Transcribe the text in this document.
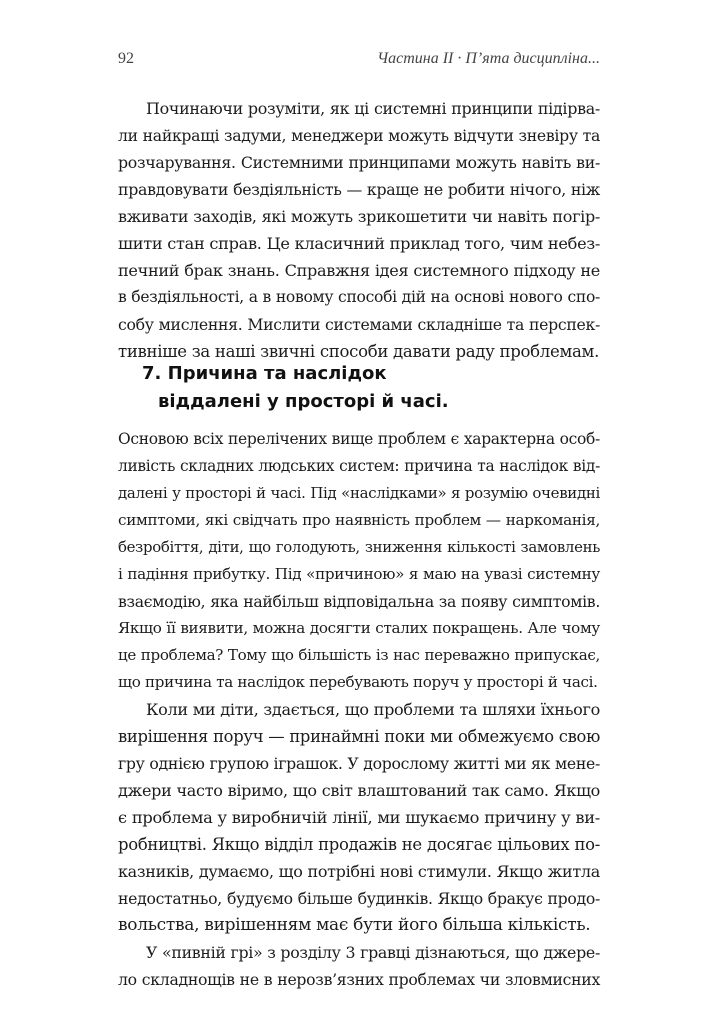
92	Частина II · П’ята дисципліна...
Починаючи розуміти, як ці системні принципи підірва-
ли найкращі задуми, менеджери можуть відчути зневіру та
розчарування. Системними принципами можуть навіть ви-
правдовувати бездіяльність — краще не робити нічого, ніж
вживати заходів, які можуть зрикошетити чи навіть погір-
шити стан справ. Це класичний приклад того, чим небез-
печний брак знань. Справжня ідея системного підходу не
в бездіяльності, а в новому способі дій на основі нового спо-
собу мислення. Мислити системами складніше та перспек-
тивніше за наші звичні способи давати раду проблемам.
7. Причина та наслідок
віддалені у просторі й часі.
Основою всіх перелічених вище проблем є характерна особ-
ливість складних людських систем: причина та наслідок від-
далені у просторі й часі. Під «наслідками» я розумію очевидні
симптоми, які свідчать про наявність проблем — наркоманія,
безробіття, діти, що голодують, зниження кількості замовлень
і падіння прибутку. Під «причиною» я маю на увазі системну
взаємодію, яка найбільш відповідальна за появу симптомів.
Якщо її виявити, можна досягти сталих покращень. Але чому
це проблема? Тому що більшість із нас переважно припускає,
що причина та наслідок перебувають поруч у просторі й часі.
Коли ми діти, здається, що проблеми та шляхи їхнього
вирішення поруч — принаймні поки ми обмежуємо свою
гру однією групою іграшок. У дорослому житті ми як мене-
джери часто віримо, що світ влаштований так само. Якщо
є проблема у виробничій лінії, ми шукаємо причину у ви-
робництві. Якщо відділ продажів не досягає цільових по-
казників, думаємо, що потрібні нові стимули. Якщо житла
недостатньо, будуємо більше будинків. Якщо бракує продо-
вольства, вирішенням має бути його більша кількість.
У «пивній грі» з розділу 3 гравці дізнаються, що джере-
ло складнощів не в нерозв’язних проблемах чи зловмисних
